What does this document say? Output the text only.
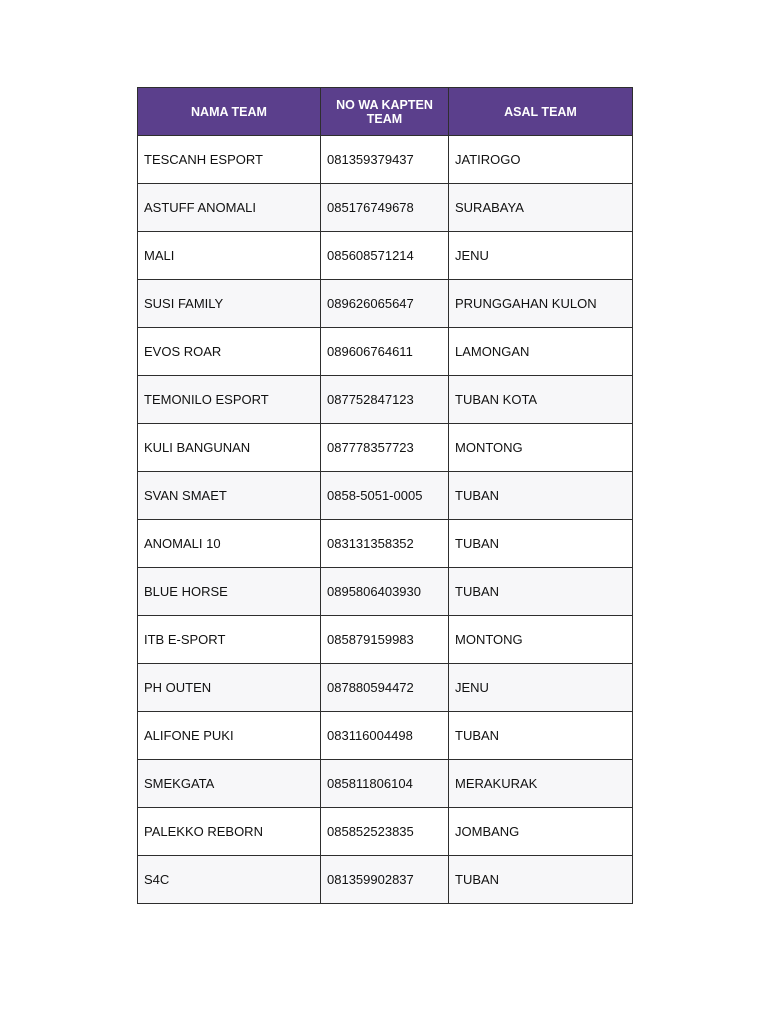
NAMA TEAM	NO WA KAPTEN TEAM	ASAL TEAM
TESCANH ESPORT	081359379437	JATIROGO
ASTUFF ANOMALI	085176749678	SURABAYA
MALI	085608571214	JENU
SUSI FAMILY	089626065647	PRUNGGAHAN KULON
EVOS ROAR	089606764611	LAMONGAN
TEMONILO ESPORT	087752847123	TUBAN KOTA
KULI BANGUNAN	087778357723	MONTONG
SVAN SMAET	0858-5051-0005	TUBAN
ANOMALI 10	083131358352	TUBAN
BLUE HORSE	0895806403930	TUBAN
ITB E-SPORT	085879159983	MONTONG
PH OUTEN	087880594472	JENU
ALIFONE PUKI	083116004498	TUBAN
SMEKGATA	085811806104	MERAKURAK
PALEKKO REBORN	085852523835	JOMBANG
S4C	081359902837	TUBAN
